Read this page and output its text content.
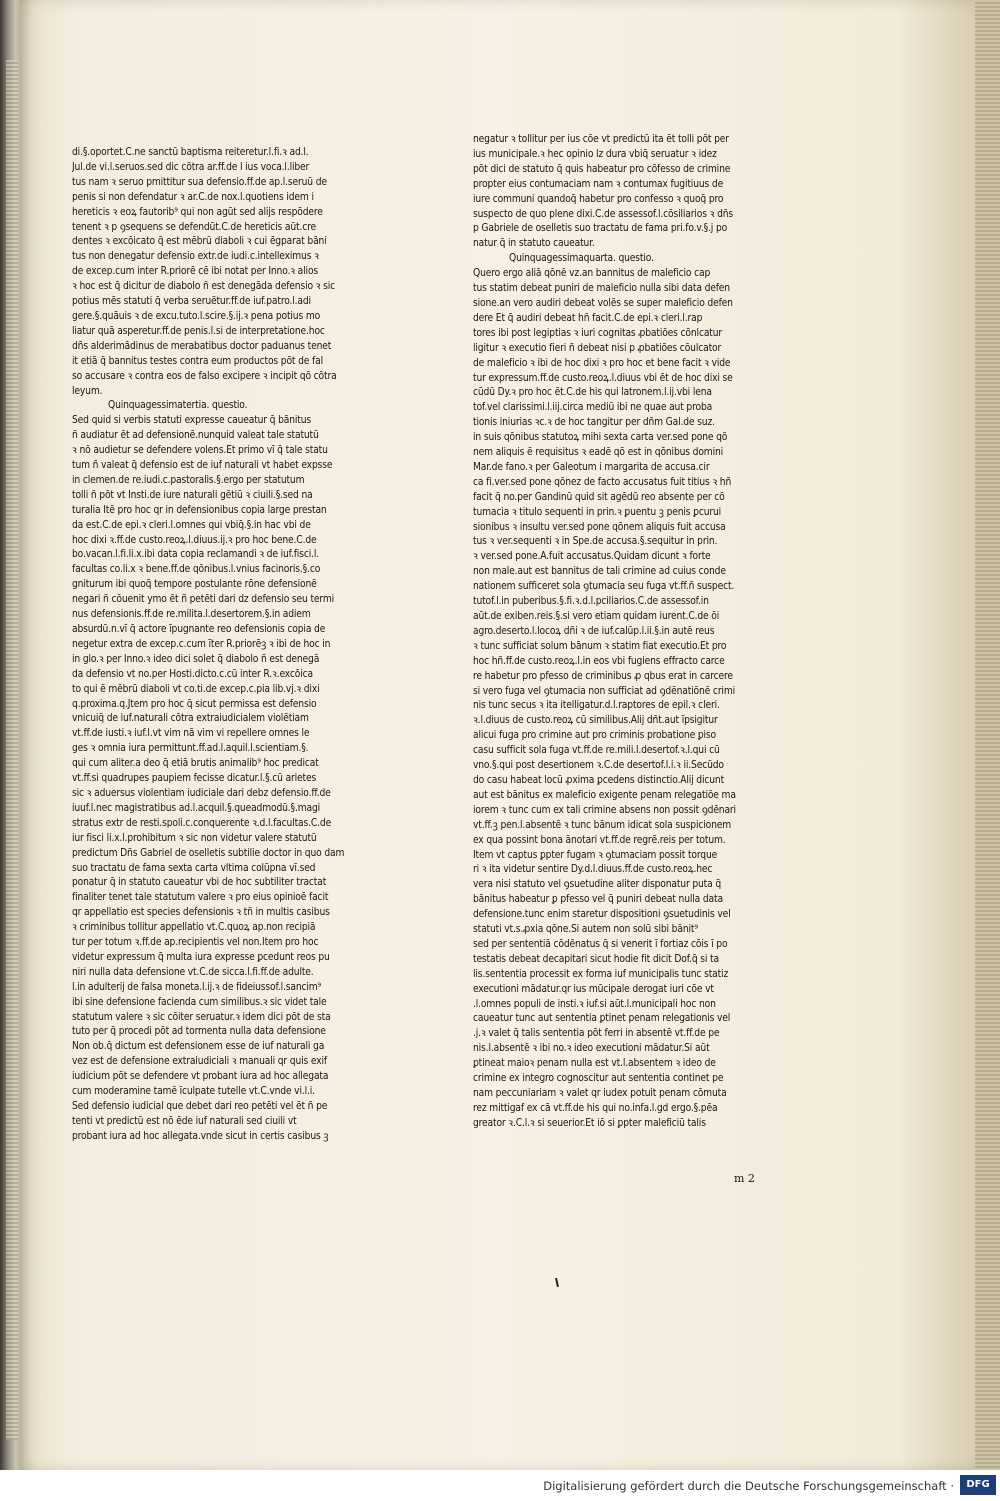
di.§.oportet.C.ne sanctū baptisma reiteretur.l.fi.ꝛ ad.l.
Jul.de vi.l.seruos.sed dic cōtra ar.ff.de l ius voca.l.liber
tus nam ꝛ seruo pmittitur sua defensio.ff.de ap.l.seruū de
penis si non defendatur ꝛ ar.C.de nox.l.quotiens idem i
hereticis ꝛ eoꝝ fautorib⁹ qui non agūt sed alijs respōdere
tenent ꝛ p ꝯsequens se defendūt.C.de hereticis aūt.cre
dentes ꝛ excōicato q̄ est mēbrū diaboli ꝛ cui ēgparat bāni
tus non denegatur defensio extr.de iudi.c.intelleximus ꝛ
de excep.cum inter R.priorē cē ibi notat per Inno.ꝛ alios
ꝛ hoc est q̄ dicitur de diabolo ñ est denegāda defensio ꝛ sic
potius mēs statuti q̄ verba seruētur.ff.de iuf.patro.l.adi
gere.§.quāuis ꝛ de excu.tuto.l.scire.§.ij.ꝛ pena potius mo
liatur quā asperetur.ff.de penis.l.si de interpretatione.hoc
dñs alderimādinus de merabatibus doctor paduanus tenet
it etiā q̄ bannitus testes contra eum productos pōt de fal
so accusare ꝛ contra eos de falso excipere ꝛ incipit qō cōtra
leyum.
Quinquagessimatertia. questio.
Sed quid si verbis statuti expresse caueatur q̄ bānitus
ñ audiatur ēt ad defensionē.nunquid valeat tale statutū
ꝛ nō audietur se defendere volens.Et primo vī q̄ tale statu
tum ñ valeat q̄ defensio est de iuf naturali vt habet expsse
in clemen.de re.iudi.c.pastoralis.§.ergo per statutum
tolli ñ pōt vt Insti.de iure naturali gētiū ꝛ ciuili.§.sed na
turalia Itē pro hoc qr in defensionibus copia large prestan
da est.C.de epi.ꝛ cleri.l.omnes qui vbiq̄.§.in hac vbi de
hoc dixi ꝛ.ff.de custo.reoꝝ.l.diuus.ij.ꝛ pro hoc bene.C.de
bo.vacan.l.fi.li.x.ibi data copia reclamandi ꝛ de iuf.fisci.l.
facultas co.li.x ꝛ bene.ff.de qōnibus.l.vnius facinoris.§.co
gniturum ibi quoq̄ tempore postulante rōne defensionē
negari ñ cōuenit ymo ēt ñ petēti dari dz defensio seu termi
nus defensionis.ff.de re.milita.l.desertorem.§.in adiem
absurdū.n.vī q̄ actore īpugnante reo defensionis copia de
negetur extra de excep.c.cum īter R.priorēꝫ ꝛ ibi de hoc in
in glo.ꝛ per Inno.ꝛ ideo dici solet q̄ diabolo ñ est denegā
da defensio vt no.per Hosti.dicto.c.cū inter R.ꝛ.excōica
to qui ē mēbrū diaboli vt co.ti.de excep.c.pia lib.vj.ꝛ dixi
q.proxima.q.Jtem pro hoc q̄ sicut permissa est defensio
vnicuiq̄ de iuf.naturali cōtra extraiudicialem violētiam
vt.ff.de iusti.ꝛ iuf.l.vt vim nā vim vi repellere omnes le
ges ꝛ omnia iura permittunt.ff.ad.l.aquil.l.scientiam.§.
qui cum aliter.a deo q̄ etiā brutis animalib⁹ hoc predicat
vt.ff.si quadrupes paupiem fecisse dicatur.l.§.cū arietes
sic ꝛ aduersus violentiam iudiciale dari debz defensio.ff.de
iuuf.l.nec magistratibus ad.l.acquil.§.queadmodū.§.magi
stratus extr de resti.spoli.c.conquerente ꝛ.d.l.facultas.C.de
iur fisci li.x.l.prohibitum ꝛ sic non videtur valere statutū
predictum Dñs Gabriel de oselletis subtilie doctor in quo dam
suo tractatu de fama sexta carta vltima colūpna vī.sed
ponatur q̄ in statuto caueatur vbi de hoc subtiliter tractat
finaliter tenet tale statutum valere ꝛ pro eius opinioē facit
qr appellatio est species defensionis ꝛ tñ in multis casibus
ꝛ criminibus tollitur appellatio vt.C.quoꝝ ap.non recipiā
tur per totum ꝛ.ff.de ap.recipientis vel non.Item pro hoc
videtur expressum q̄ multa iura expresse ꝑcedunt reos pu
niri nulla data defensione vt.C.de sicca.l.fi.ff.de adulte.
l.in adulterij de falsa moneta.l.ij.ꝛ de fideiussof.l.sancim⁹
ibi sine defensione facienda cum similibus.ꝛ sic videt tale
statutum valere ꝛ sic cōiter seruatur.ꝛ idem dici pōt de sta
tuto per q̄ procedi pōt ad tormenta nulla data defensione
Non ob.q̄ dictum est defensionem esse de iuf naturali ga
vez est de defensione extraiudiciali ꝛ manuali qr quis exif
iudicium pōt se defendere vt probant iura ad hoc allegata
cum moderamine tamē īculpate tutelle vt.C.vnde vi.l.i.
Sed defensio iudicial que debet dari reo petēti vel ēt ñ pe
tenti vt predictū est nō ēde iuf naturali sed ciuili vt
probant iura ad hoc allegata.vnde sicut in certis casibus ꝫ
negatur ꝛ tollitur per ius cōe vt predictū ita ēt tolli pōt per
ius municipale.ꝛ hec opinio lz dura vbiq̄ seruatur ꝛ idez
pōt dici de statuto q̄ quis habeatur pro cōfesso de crimine
propter eius contumaciam nam ꝛ contumax fugitiuus de
iure communi quandoq̄ habetur pro confesso ꝛ quoq̄ pro
suspecto de quo plene dixi.C.de assessof.l.cōsiliarios ꝛ dñs
p Gabriele de oselletis suo tractatu de fama pri.fo.v.§.j po
natur q̄ in statuto caueatur.
Quinquagessimaquarta. questio.
Quero ergo aliā qōnē vz.an bannitus de maleficio cap
tus statim debeat puniri de maleficio nulla sibi data defen
sione.an vero audiri debeat volēs se super maleficio defen
dere Et q̄ audiri debeat hñ facit.C.de epi.ꝛ cleri.l.rap
tores ibi post legiptias ꝛ iuri cognitas ꝓbatiōes cōnlcatur
ligitur ꝛ executio fieri ñ debeat nisi p ꝓbatiōes cōulcator
de maleficio ꝛ ibi de hoc dixi ꝛ pro hoc et bene facit ꝛ vide
tur expressum.ff.de custo.reoꝝ.l.diuus vbi ēt de hoc dixi se
cūdū Dy.ꝛ pro hoc ēt.C.de his qui latronem.l.ij.vbi lena
tof.vel clarissimi.l.iij.circa mediū ibi ne quae aut proba
tionis iniurias ꝛc.ꝛ de hoc tangitur per dñm Gal.de suz.
in suis qōnibus statutoꝝ mihi sexta carta ver.sed pone qō
nem aliquis ē requisitus ꝛ eadē qō est in qōnibus domini
Mar.de fano.ꝛ per Galeotum i margarita de accusa.cir
ca fi.ver.sed pone qōnez de facto accusatus fuit titius ꝛ hñ
facit q̄ no.per Gandinū quid sit agēdū reo absente per cō
tumacia ꝛ titulo sequenti in prin.ꝛ ꝑuentu ꝫ penis ꝑcurui
sionibus ꝛ insultu ver.sed pone qōnem aliquis fuit accusa
tus ꝛ ver.sequenti ꝛ in Spe.de accusa.§.sequitur in prin.
ꝛ ver.sed pone.A.fuit accusatus.Quidam dicunt ꝛ forte
non male.aut est bannitus de tali crimine ad cuius conde
nationem sufficeret sola ꝯtumacia seu fuga vt.ff.ñ suspect.
tutof.l.in puberibus.§.fi.ꝛ.d.l.pciliarios.C.de assessof.in
aūt.de exiben.reis.§.si vero etiam quidam iurent.C.de ōi
agro.deserto.l.locoꝝ dñi ꝛ de iuf.calūp.l.ii.§.in autē reus
ꝛ tunc sufficiat solum bānum ꝛ statim fiat executio.Et pro
hoc hñ.ff.de custo.reoꝝ.l.in eos vbi fugiens effracto carce
re habetur pro pfesso de criminibus ꝓ qbus erat in carcere
si vero fuga vel ꝯtumacia non sufficiat ad ꝯdēnatiōnē crimi
nis tunc secus ꝛ ita itelligatur.d.l.raptores de epil.ꝛ cleri.
ꝛ.l.diuus de custo.reoꝝ cū similibus.Alij dñt.aut īpsigitur
alicui fuga pro crimine aut pro criminis probatione ꝑiso
casu sufficit sola fuga vt.ff.de re.mili.l.desertof.ꝛ.l.qui cū
vno.§.qui post desertionem ꝛ.C.de desertof.l.i.ꝛ ii.Secūdo
do casu habeat locū ꝓxima ꝑcedens distinctio.Alij dicunt
aut est bānitus ex maleficio exigente penam relegatiōe ma
iorem ꝛ tunc cum ex tali crimine absens non possit ꝯdēnari
vt.ff.ꝫ pen.l.absentē ꝛ tunc bānum idicat sola suspicionem
ex qua possint bona ānotari vt.ff.de regrē.reis per totum.
Item vt captus ꝑpter fugam ꝛ ꝯtumaciam possit torque
ri ꝛ ita videtur sentire Dy.d.l.diuus.ff.de custo.reoꝝ.hec
vera nisi statuto vel ꝯsuetudine aliter disponatur puta q̄
bānitus habeatur ꝑ pfesso vel q̄ puniri debeat nulla data
defensione.tunc enim staretur dispositioni ꝯsuetudinis vel
statuti vt.s.ꝓxia qōne.Si autem non solū sibi bānit⁹
sed per sententiā cōdēnatus q̄ si venerit ī fortiaz cōis ī po
testatis debeat decapitari sicut hodie fit dicit Dof.q̄ si ta
lis.sententia processit ex forma iuf municipalis tunc statiz
executioni mādatur.qr ius mūcipale derogat iuri cōe vt
.l.omnes populi de insti.ꝛ iuf.si aūt.l.municipali hoc non
caueatur tunc aut sententia ꝑtinet penam relegationis vel
.j.ꝛ valet q̄ talis sententia pōt ferri in absentē vt.ff.de pe
nis.l.absentē ꝛ ibi no.ꝛ ideo executioni mādatur.Si aūt
ꝑtineat maioꝛ penam nulla est vt.l.absentem ꝛ ideo de
crimine ex integro cognoscitur aut sententia continet pe
nam peccuniariam ꝛ valet qr iudex potuit penam cōmuta
rez mittigaf ex cā vt.ff.de his qui no.infa.l.gd ergo.§.pēa
greator ꝛ.C.l.ꝛ si seuerior.Et iō si ꝑpter maleficiū talis
m 2
Digitalisierung gefördert durch die Deutsche Forschungsgemeinschaft ·	DFG
